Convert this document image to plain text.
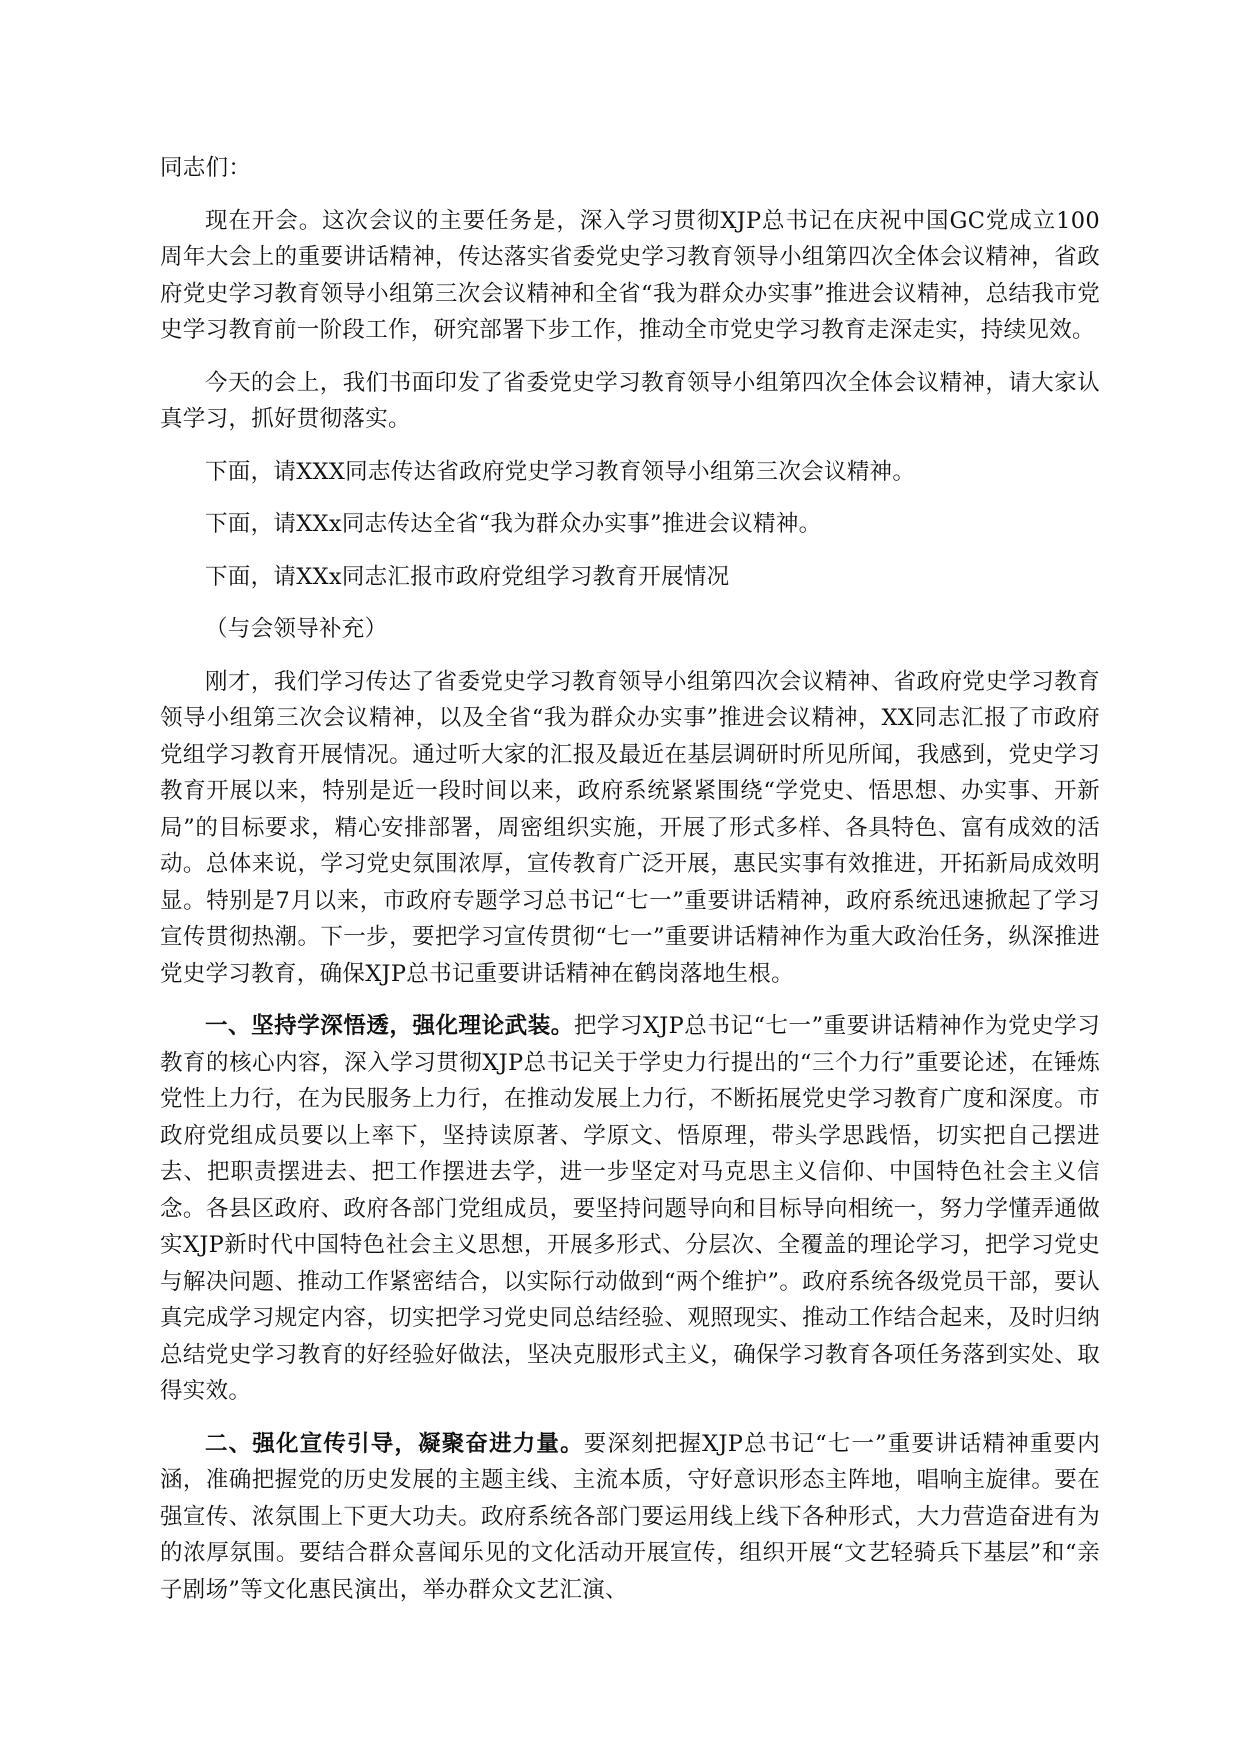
同志们：

现在开会。这次会议的主要任务是，深入学习贯彻XJP总书记在庆祝中国GC党成立100周年大会上的重要讲话精神，传达落实省委党史学习教育领导小组第四次全体会议精神，省政府党史学习教育领导小组第三次会议精神和全省“我为群众办实事”推进会议精神，总结我市党史学习教育前一阶段工作，研究部署下步工作，推动全市党史学习教育走深走实，持续见效。

今天的会上，我们书面印发了省委党史学习教育领导小组第四次全体会议精神，请大家认真学习，抓好贯彻落实。

下面，请XXX同志传达省政府党史学习教育领导小组第三次会议精神。

下面，请XXx同志传达全省“我为群众办实事”推进会议精神。

下面，请XXx同志汇报市政府党组学习教育开展情况

（与会领导补充）

刚才，我们学习传达了省委党史学习教育领导小组第四次会议精神、省政府党史学习教育领导小组第三次会议精神，以及全省“我为群众办实事”推进会议精神，XX同志汇报了市政府党组学习教育开展情况。通过听大家的汇报及最近在基层调研时所见所闻，我感到，党史学习教育开展以来，特别是近一段时间以来，政府系统紧紧围绕“学党史、悟思想、办实事、开新局”的目标要求，精心安排部署，周密组织实施，开展了形式多样、各具特色、富有成效的活动。总体来说，学习党史氛围浓厚，宣传教育广泛开展，惠民实事有效推进，开拓新局成效明显。特别是7月以来，市政府专题学习总书记“七一”重要讲话精神，政府系统迅速掀起了学习宣传贯彻热潮。下一步，要把学习宣传贯彻“七一”重要讲话精神作为重大政治任务，纵深推进党史学习教育，确保XJP总书记重要讲话精神在鹤岗落地生根。

一、坚持学深悟透，强化理论武装。把学习XJP总书记“七一”重要讲话精神作为党史学习教育的核心内容，深入学习贯彻XJP总书记关于学史力行提出的“三个力行”重要论述，在锤炼党性上力行，在为民服务上力行，在推动发展上力行，不断拓展党史学习教育广度和深度。市政府党组成员要以上率下，坚持读原著、学原文、悟原理，带头学思践悟，切实把自己摆进去、把职责摆进去、把工作摆进去学，进一步坚定对马克思主义信仰、中国特色社会主义信念。各县区政府、政府各部门党组成员，要坚持问题导向和目标导向相统一，努力学懂弄通做实XJP新时代中国特色社会主义思想，开展多形式、分层次、全覆盖的理论学习，把学习党史与解决问题、推动工作紧密结合，以实际行动做到“两个维护”。政府系统各级党员干部，要认真完成学习规定内容，切实把学习党史同总结经验、观照现实、推动工作结合起来，及时归纳总结党史学习教育的好经验好做法，坚决克服形式主义，确保学习教育各项任务落到实处、取得实效。

二、强化宣传引导，凝聚奋进力量。要深刻把握XJP总书记“七一”重要讲话精神重要内涵，准确把握党的历史发展的主题主线、主流本质，守好意识形态主阵地，唱响主旋律。要在强宣传、浓氛围上下更大功夫。政府系统各部门要运用线上线下各种形式，大力营造奋进有为的浓厚氛围。要结合群众喜闻乐见的文化活动开展宣传，组织开展“文艺轻骑兵下基层”和“亲子剧场”等文化惠民演出，举办群众文艺汇演、
